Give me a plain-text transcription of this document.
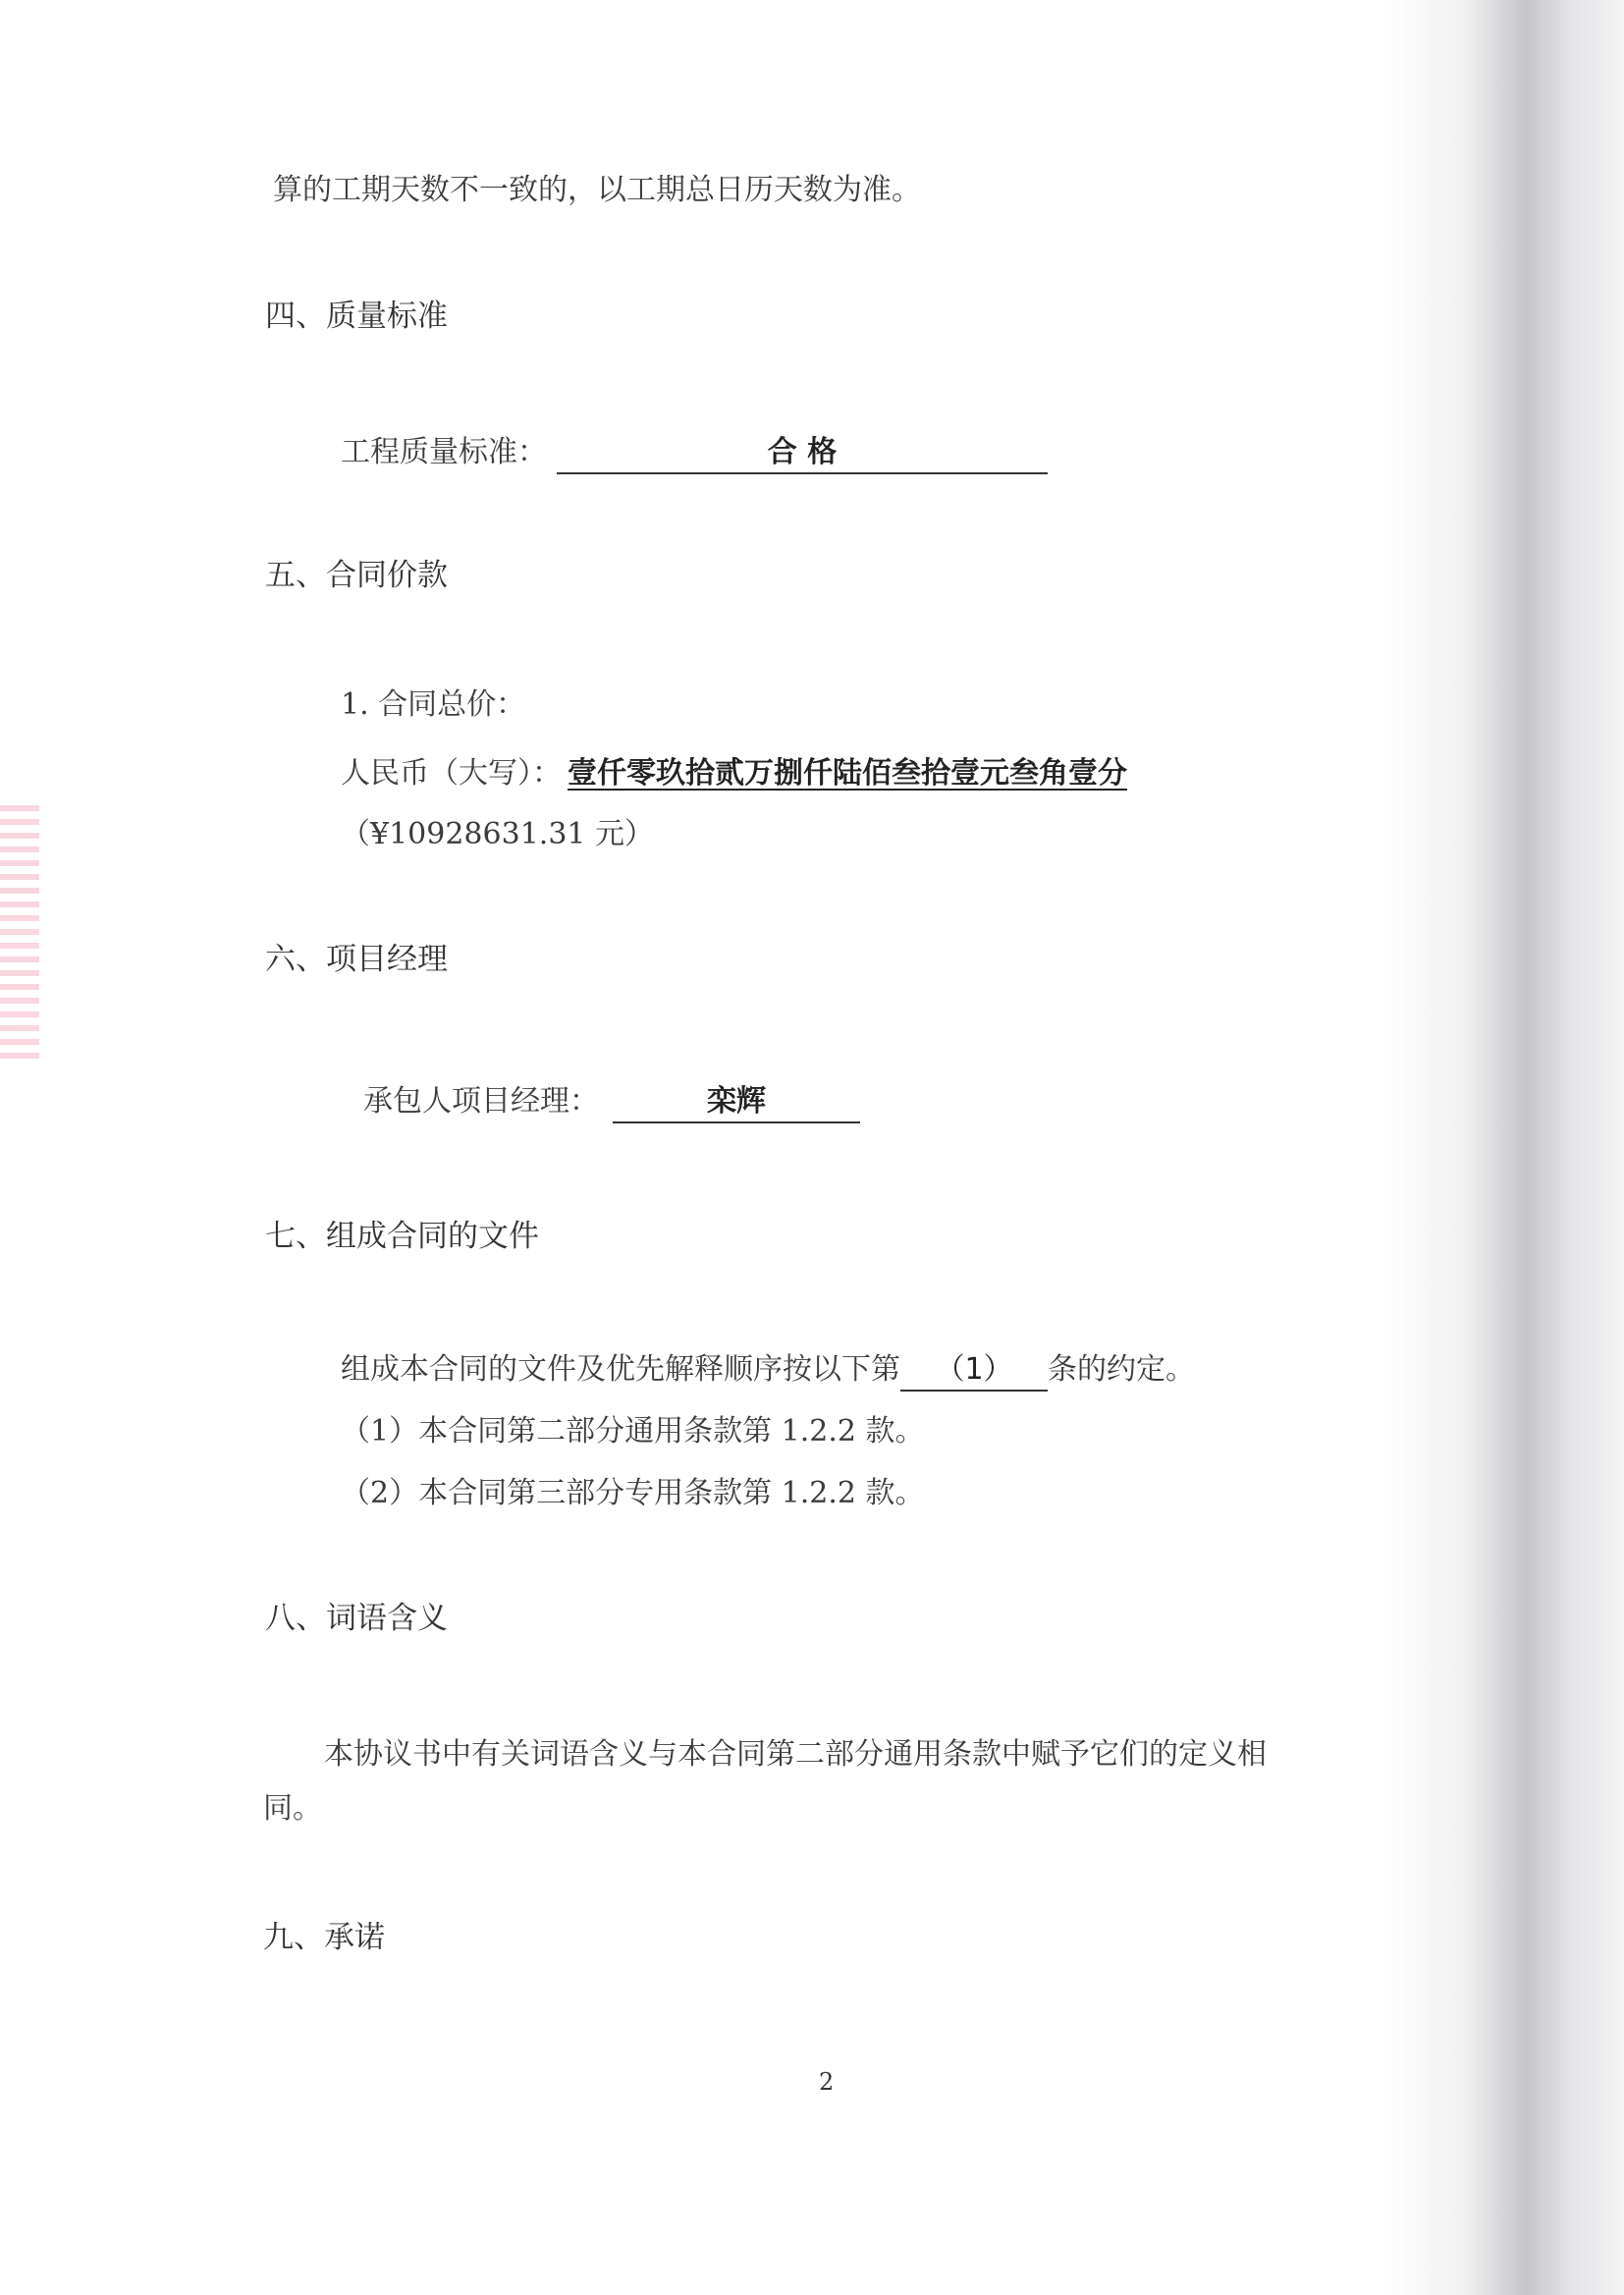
算的工期天数不一致的，以工期总日历天数为准。
四、质量标准
工程质量标准：	合 格
五、合同价款
1. 合同总价：
人民币（大写）： 壹仟零玖拾贰万捌仟陆佰叁拾壹元叁角壹分
（¥10928631.31 元）
六、项目经理
承包人项目经理：	栾辉
七、组成合同的文件
组成本合同的文件及优先解释顺序按以下第 （1） 条的约定。
（1）本合同第二部分通用条款第 1.2.2 款。
（2）本合同第三部分专用条款第 1.2.2 款。
八、词语含义
本协议书中有关词语含义与本合同第二部分通用条款中赋予它们的定义相
同。
九、承诺
2
